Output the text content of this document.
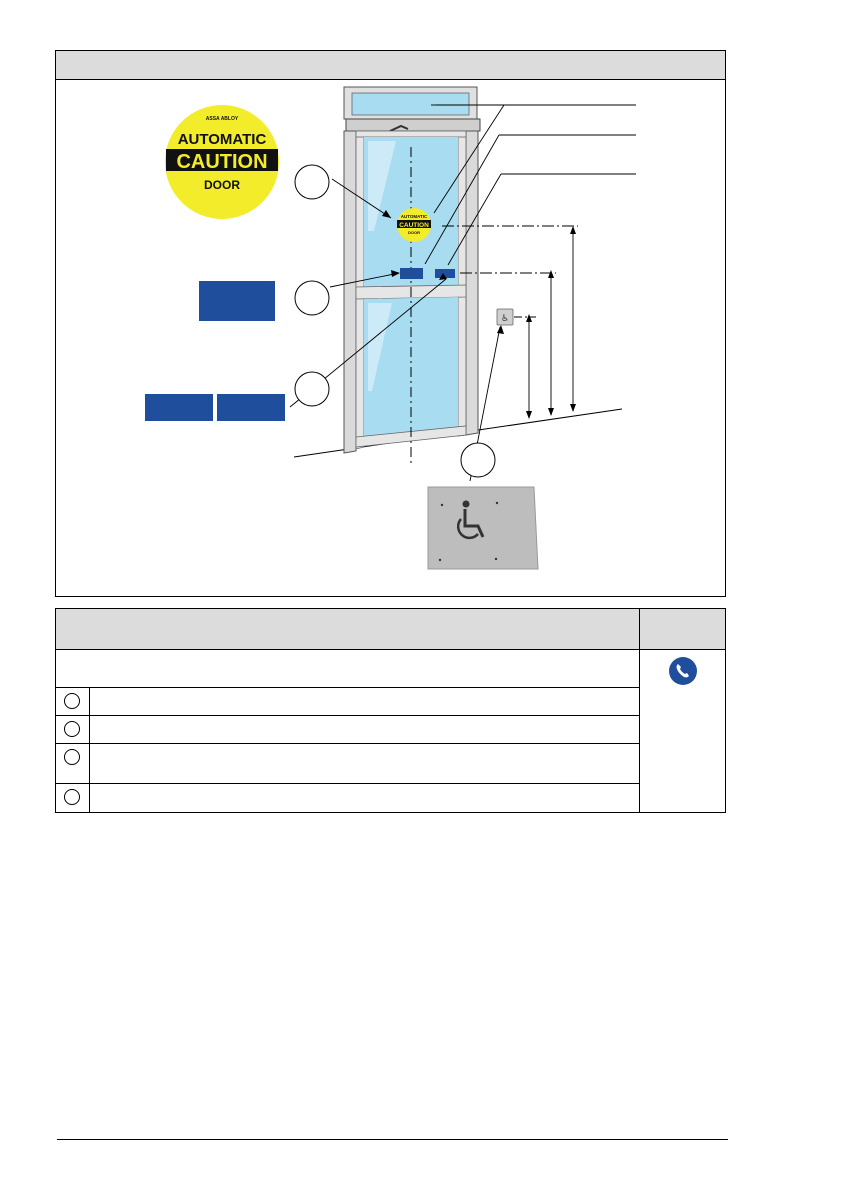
AUTOMATIC
CAUTION
DOOR
♿
ASSA ABLOY
AUTOMATIC
CAUTION
DOOR
